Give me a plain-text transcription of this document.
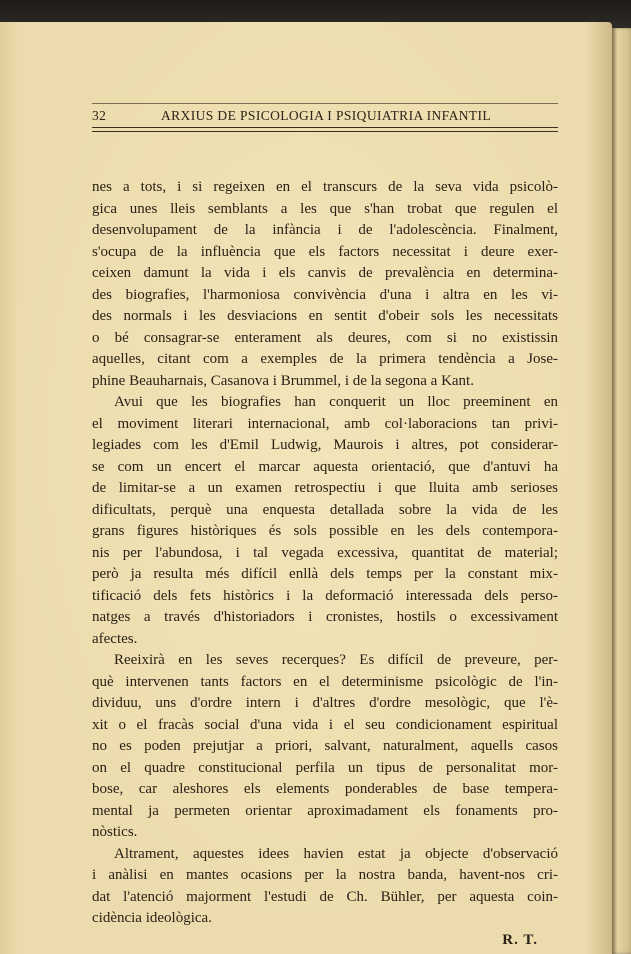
32	ARXIUS DE PSICOLOGIA I PSIQUIATRIA INFANTIL
nes a tots, i si regeixen en el transcurs de la seva vida psicolò-
gica unes lleis semblants a les que s'han trobat que regulen el
desenvolupament de la infància i de l'adolescència. Finalment,
s'ocupa de la influència que els factors necessitat i deure exer-
ceixen damunt la vida i els canvis de prevalència en determina-
des biografies, l'harmoniosa convivència d'una i altra en les vi-
des normals i les desviacions en sentit d'obeir sols les necessitats
o bé consagrar-se enterament als deures, com si no existissin
aquelles, citant com a exemples de la primera tendència a Jose-
phine Beauharnais, Casanova i Brummel, i de la segona a Kant.
Avui que les biografies han conquerit un lloc preeminent en
el moviment literari internacional, amb col·laboracions tan privi-
legiades com les d'Emil Ludwig, Maurois i altres, pot considerar-
se com un encert el marcar aquesta orientació, que d'antuvi ha
de limitar-se a un examen retrospectiu i que lluita amb serioses
dificultats, perquè una enquesta detallada sobre la vida de les
grans figures històriques és sols possible en les dels contempora-
nis per l'abundosa, i tal vegada excessiva, quantitat de material;
però ja resulta més difícil enllà dels temps per la constant mix-
tificació dels fets històrics i la deformació interessada dels perso-
natges a través d'historiadors i cronistes, hostils o excessivament
afectes.
Reeixirà en les seves recerques? Es difícil de preveure, per-
què intervenen tants factors en el determinisme psicològic de l'in-
dividuu, uns d'ordre intern i d'altres d'ordre mesològic, que l'è-
xit o el fracàs social d'una vida i el seu condicionament espiritual
no es poden prejutjar a priori, salvant, naturalment, aquells casos
on el quadre constitucional perfila un tipus de personalitat mor-
bose, car aleshores els elements ponderables de base tempera-
mental ja permeten orientar aproximadament els fonaments pro-
nòstics.
Altrament, aquestes idees havien estat ja objecte d'observació
i anàlisi en mantes ocasions per la nostra banda, havent-nos cri-
dat l'atenció majorment l'estudi de Ch. Bühler, per aquesta coin-
cidència ideològica.
R. T.
